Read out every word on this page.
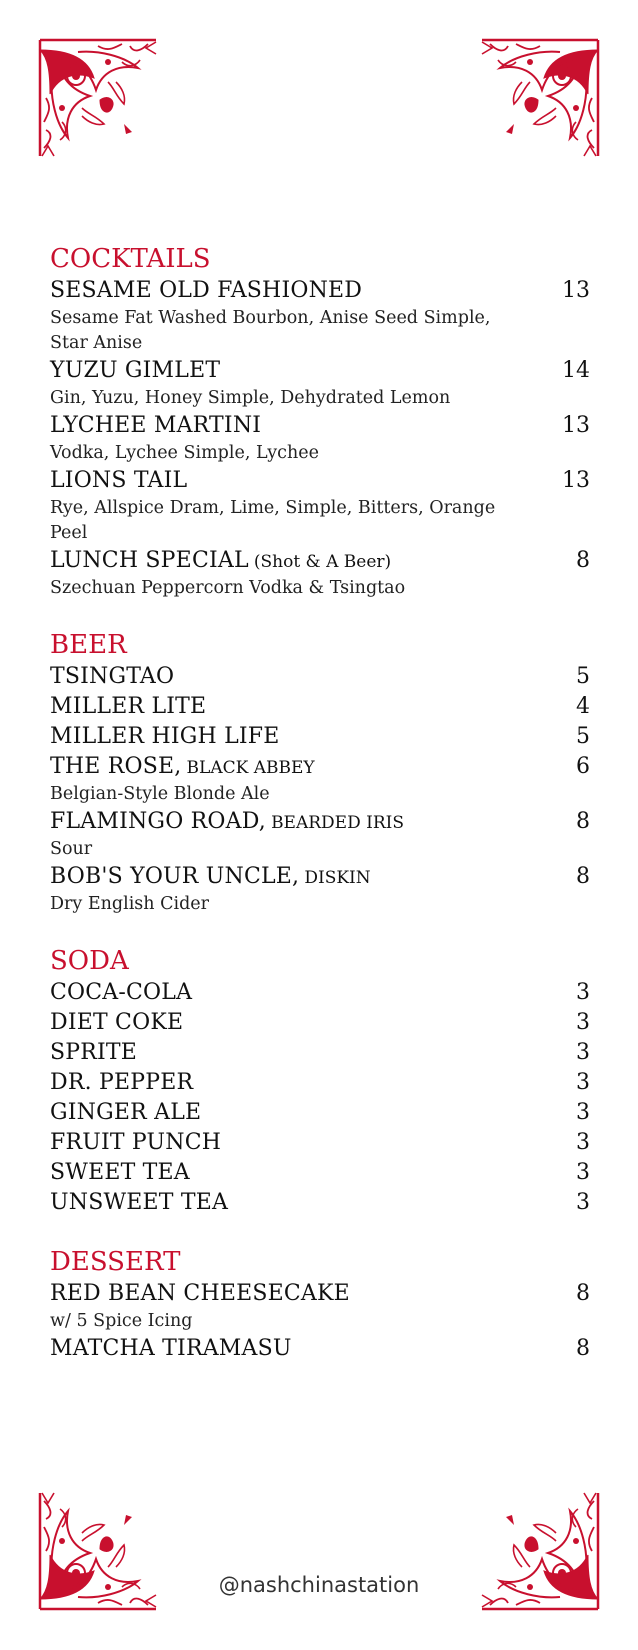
COCKTAILS
SESAME OLD FASHIONED	13
Sesame Fat Washed Bourbon, Anise Seed Simple, Star Anise
YUZU GIMLET	14
Gin, Yuzu, Honey Simple, Dehydrated Lemon
LYCHEE MARTINI	13
Vodka, Lychee Simple, Lychee
LIONS TAIL	13
Rye, Allspice Dram, Lime, Simple, Bitters, Orange Peel
LUNCH SPECIAL (Shot & A Beer)	8
Szechuan Peppercorn Vodka & Tsingtao
BEER
TSINGTAO	5
MILLER LITE	4
MILLER HIGH LIFE	5
THE ROSE, BLACK ABBEY	6
Belgian-Style Blonde Ale
FLAMINGO ROAD, BEARDED IRIS	8
Sour
BOB'S YOUR UNCLE, DISKIN	8
Dry English Cider
SODA
COCA-COLA	3
DIET COKE	3
SPRITE	3
DR. PEPPER	3
GINGER ALE	3
FRUIT PUNCH	3
SWEET TEA	3
UNSWEET TEA	3
DESSERT
RED BEAN CHEESECAKE	8
w/ 5 Spice Icing
MATCHA TIRAMASU	8
@nashchinastation
